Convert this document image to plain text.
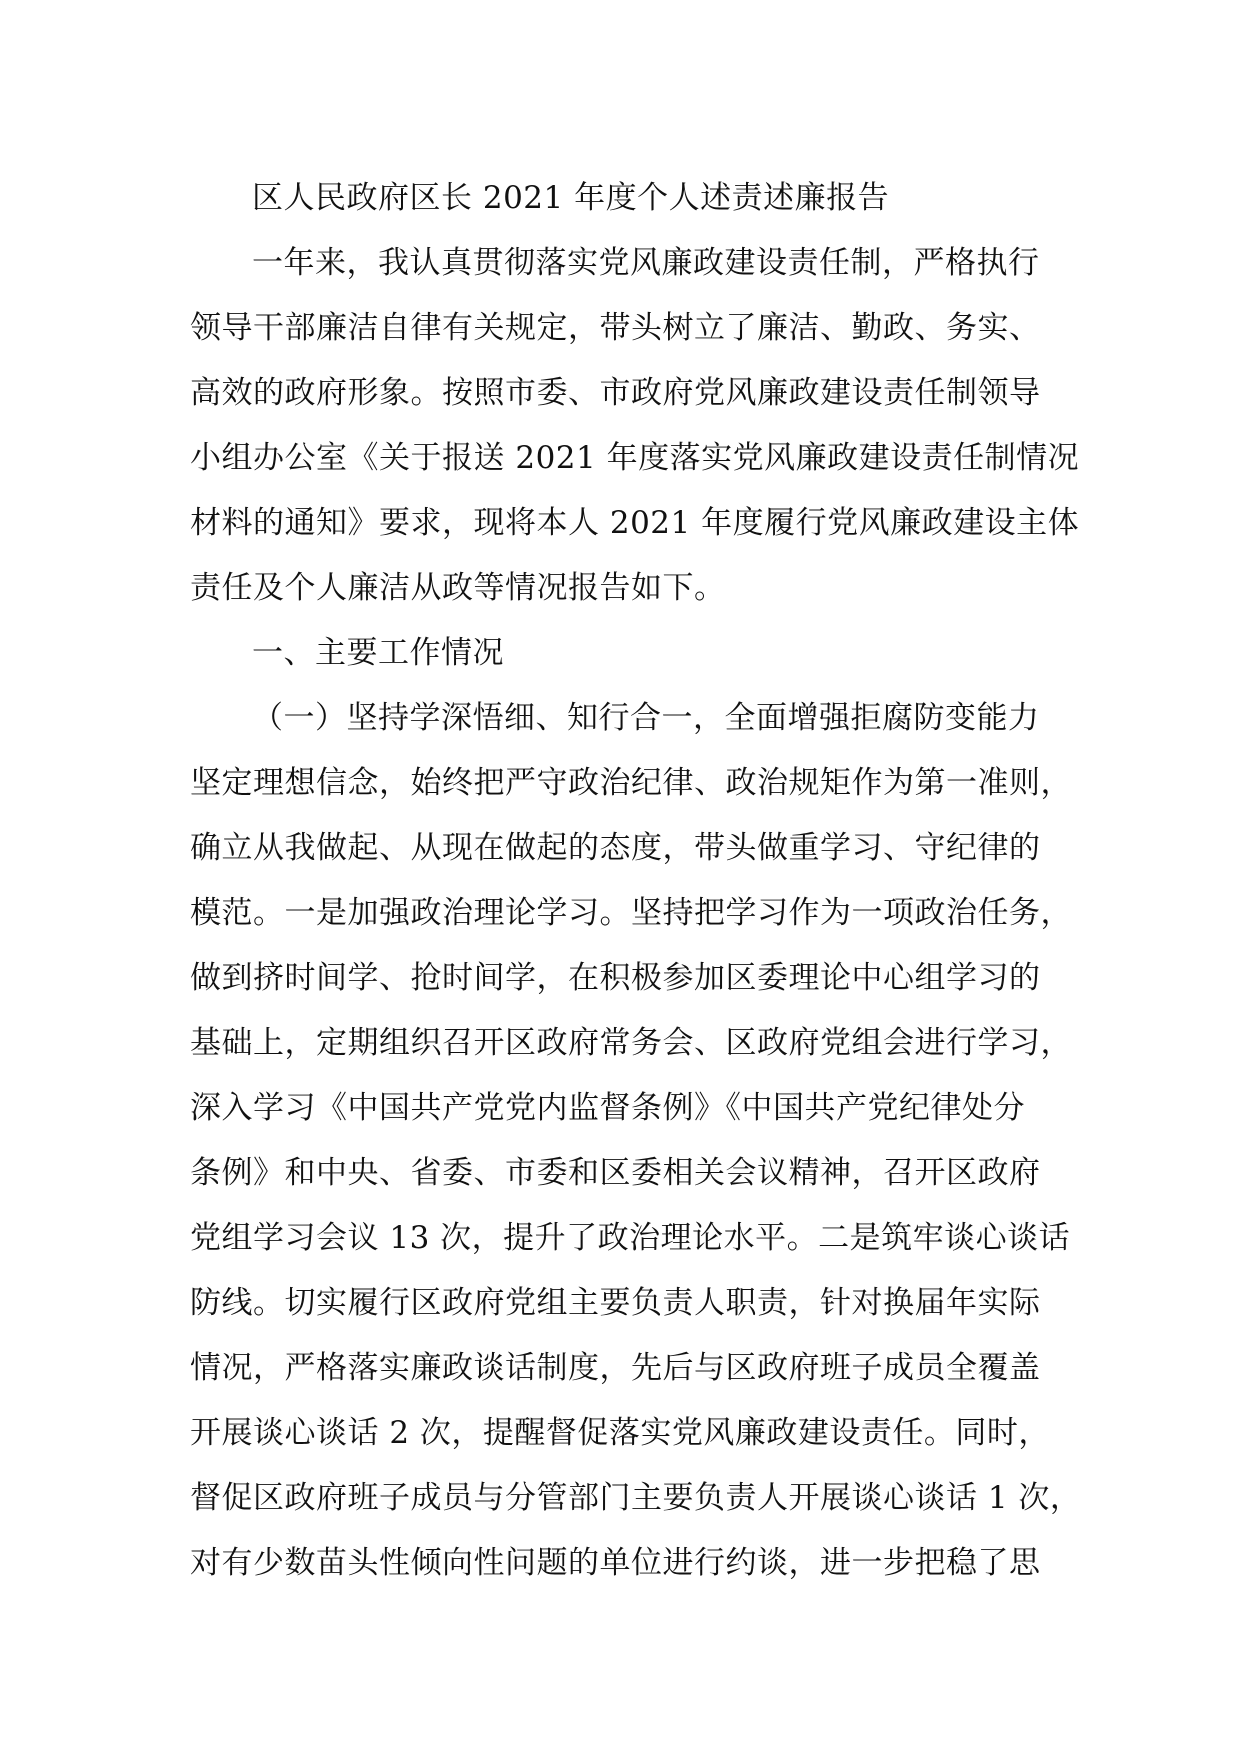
区人民政府区长 2021 年度个人述责述廉报告
一年来，我认真贯彻落实党风廉政建设责任制，严格执行
领导干部廉洁自律有关规定，带头树立了廉洁、勤政、务实、
高效的政府形象。按照市委、市政府党风廉政建设责任制领导
小组办公室《关于报送 2021 年度落实党风廉政建设责任制情况
材料的通知》要求，现将本人 2021 年度履行党风廉政建设主体
责任及个人廉洁从政等情况报告如下。
一、主要工作情况
（一）坚持学深悟细、知行合一，全面增强拒腐防变能力
坚定理想信念，始终把严守政治纪律、政治规矩作为第一准则，
确立从我做起、从现在做起的态度，带头做重学习、守纪律的
模范。一是加强政治理论学习。坚持把学习作为一项政治任务，
做到挤时间学、抢时间学，在积极参加区委理论中心组学习的
基础上，定期组织召开区政府常务会、区政府党组会进行学习，
深入学习《中国共产党党内监督条例》《中国共产党纪律处分
条例》和中央、省委、市委和区委相关会议精神，召开区政府
党组学习会议 13 次，提升了政治理论水平。二是筑牢谈心谈话
防线。切实履行区政府党组主要负责人职责，针对换届年实际
情况，严格落实廉政谈话制度，先后与区政府班子成员全覆盖
开展谈心谈话 2 次，提醒督促落实党风廉政建设责任。同时，
督促区政府班子成员与分管部门主要负责人开展谈心谈话 1 次，
对有少数苗头性倾向性问题的单位进行约谈，进一步把稳了思
